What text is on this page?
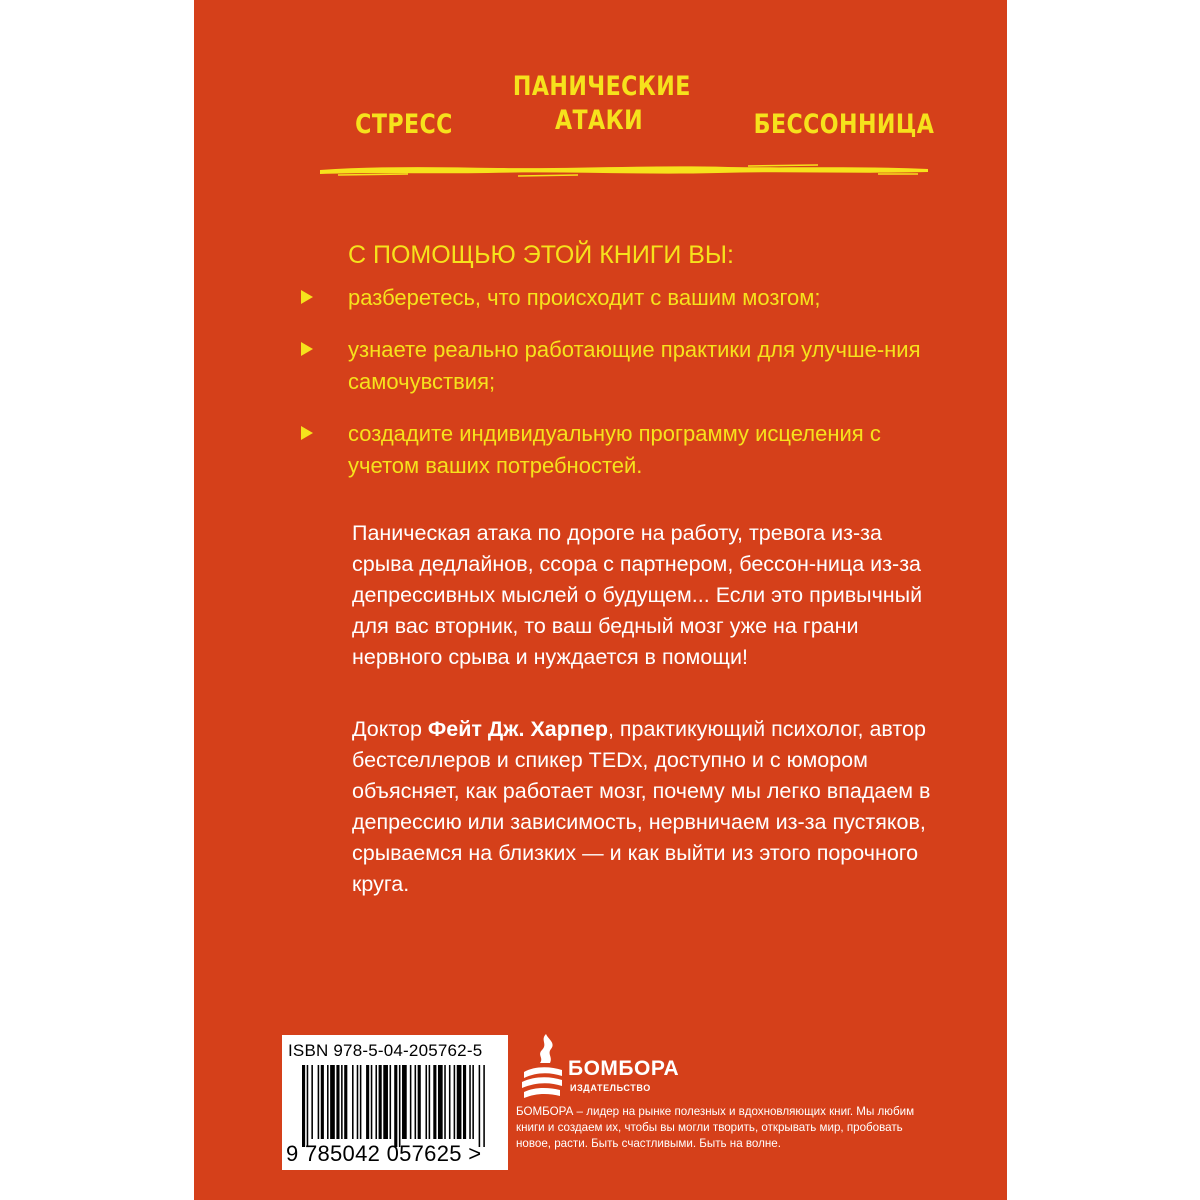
СТРЕСС
ПАНИЧЕСКИЕ
АТАКИ	БЕССОННИЦА
С ПОМОЩЬЮ ЭТОЙ КНИГИ ВЫ:
разберетесь, что происходит с вашим мозгом;
узнаете реально работающие практики для улучше-ния самочувствия;
создадите индивидуальную программу исцеления с учетом ваших потребностей.

Паническая атака по дороге на работу, тревога из-за срыва дедлайнов, ссора с партнером, бессон-ница из-за депрессивных мыслей о будущем... Если это привычный для вас вторник, то ваш бедный мозг уже на грани нервного срыва и нуждается в помощи!

Доктор Фейт Дж. Харпер, практикующий психолог, автор бестселлеров и спикер TEDx, доступно и с юмором объясняет, как работает мозг, почему мы легко впадаем в депрессию или зависимость, нервничаем из-за пустяков, срываемся на близких — и как выйти из этого порочного круга.

ISBN 978-5-04-205762-5
9 785042 057625 >
БОМБОРА
ИЗДАТЕЛЬСТВО

БОМБОРА – лидер на рынке полезных и вдохновляющих книг. Мы любим книги и создаем их, чтобы вы могли творить, открывать мир, пробовать новое, расти. Быть счастливыми. Быть на волне.
